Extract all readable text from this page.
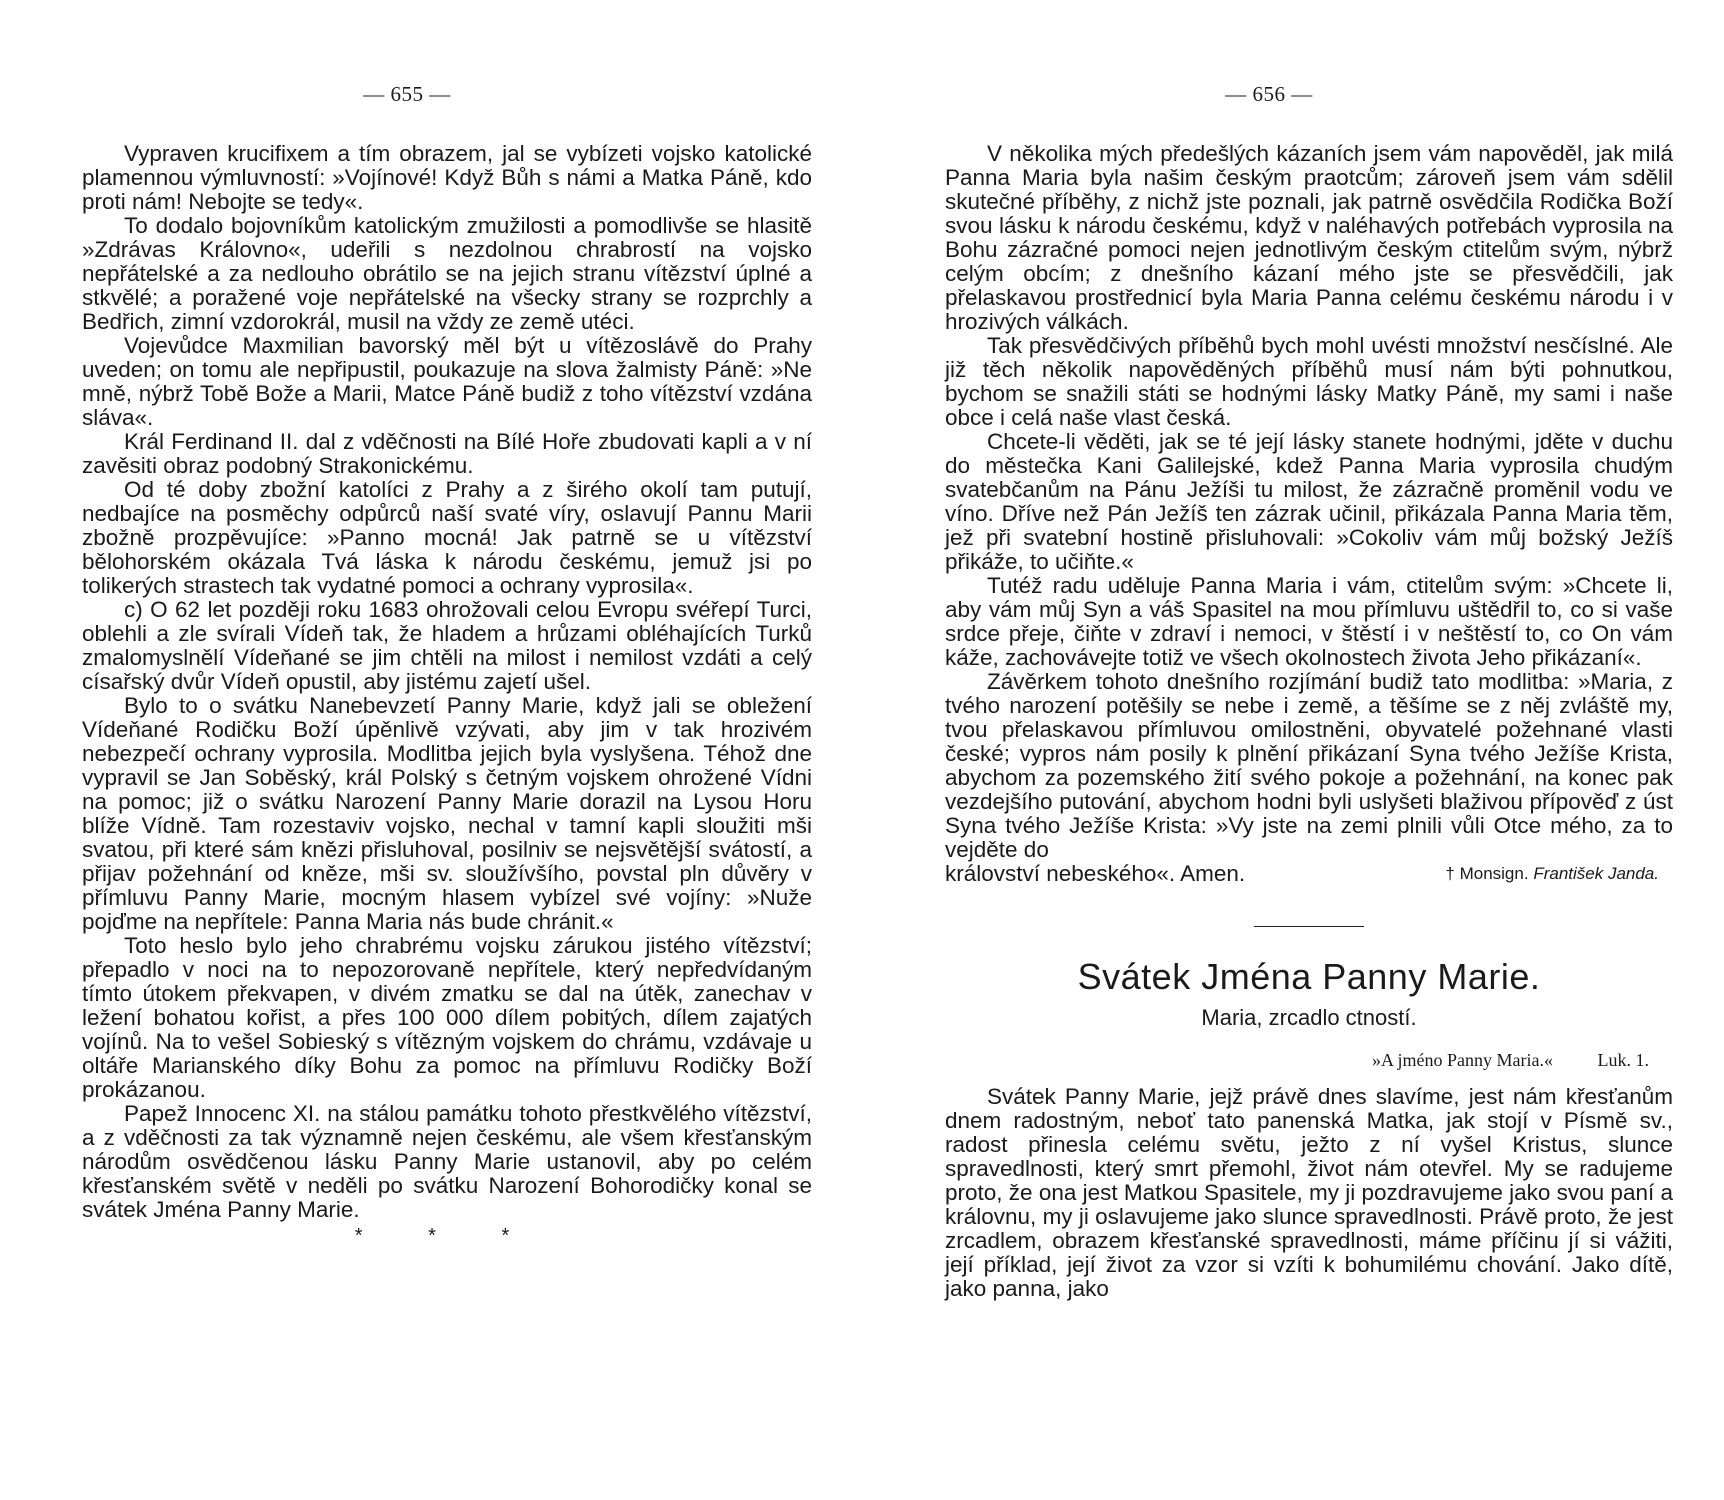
— 655 —

Vypraven krucifixem a tím obrazem, jal se vybízeti vojsko katolické plamennou výmluvností: »Vojínové! Když Bůh s námi a Matka Páně, kdo proti nám! Nebojte se tedy«.

To dodalo bojovníkům katolickým zmužilosti a pomodlivše se hlasitě »Zdrávas Královno«, udeřili s nezdolnou chrabrostí na vojsko nepřátelské a za nedlouho obrátilo se na jejich stranu vítězství úplné a stkvělé; a poražené voje nepřátelské na všecky strany se rozprchly a Bedřich, zimní vzdorokrál, musil na vždy ze země utéci.

Vojevůdce Maxmilian bavorský měl být u vítězoslávě do Prahy uveden; on tomu ale nepřipustil, poukazuje na slova žalmisty Páně: »Ne mně, nýbrž Tobě Bože a Marii, Matce Páně budiž z toho vítězství vzdána sláva«.

Král Ferdinand II. dal z vděčnosti na Bílé Hoře zbudovati kapli a v ní zavěsiti obraz podobný Strakonickému.

Od té doby zbožní katolíci z Prahy a z širého okolí tam putují, nedbajíce na posměchy odpůrců naší svaté víry, oslavují Pannu Marii zbožně prozpěvujíce: »Panno mocná! Jak patrně se u vítězství bělohorském okázala Tvá láska k národu českému, jemuž jsi po tolikerých strastech tak vydatné pomoci a ochrany vyprosila«.

c) O 62 let později roku 1683 ohrožovali celou Evropu svéřepí Turci, oblehli a zle svírali Vídeň tak, že hladem a hrůzami obléhajících Turků zmalomyslnělí Vídeňané se jim chtěli na milost i nemilost vzdáti a celý císařský dvůr Vídeň opustil, aby jistému zajetí ušel.

Bylo to o svátku Nanebevzetí Panny Marie, když jali se obležení Vídeňané Rodičku Boží úpěnlivě vzývati, aby jim v tak hrozivém nebezpečí ochrany vyprosila. Modlitba jejich byla vyslyšena. Téhož dne vypravil se Jan Soběský, král Polský s četným vojskem ohrožené Vídni na pomoc; již o svátku Narození Panny Marie dorazil na Lysou Horu blíže Vídně. Tam rozestaviv vojsko, nechal v tamní kapli sloužiti mši svatou, při které sám knězi přisluhoval, posilniv se nejsvětější svátostí, a přijav požehnání od kněze, mši sv. sloužívšího, povstal pln důvěry v přímluvu Panny Marie, mocným hlasem vybízel své vojíny: »Nuže pojďme na nepřítele: Panna Maria nás bude chránit.«

Toto heslo bylo jeho chrabrému vojsku zárukou jistého vítězství; přepadlo v noci na to nepozorovaně nepřítele, který nepředvídaným tímto útokem překvapen, v divém zmatku se dal na útěk, zanechav v ležení bohatou kořist, a přes 100 000 dílem pobitých, dílem zajatých vojínů. Na to vešel Sobieský s vítězným vojskem do chrámu, vzdávaje u oltáře Marianského díky Bohu za pomoc na přímluvu Rodičky Boží prokázanou.

Papež Innocenc XI. na stálou památku tohoto přestkvělého vítězství, a z vděčnosti za tak významně nejen českému, ale všem křesťanským národům osvědčenou lásku Panny Marie ustanovil, aby po celém křesťanském světě v neděli po svátku Narození Bohorodičky konal se svátek Jména Panny Marie.

* * *
— 656 —

V několika mých předešlých kázaních jsem vám napověděl, jak milá Panna Maria byla našim českým praotcům; zároveň jsem vám sdělil skutečné příběhy, z nichž jste poznali, jak patrně osvědčila Rodička Boží svou lásku k národu českému, když v naléhavých potřebách vyprosila na Bohu zázračné pomoci nejen jednotlivým českým ctitelům svým, nýbrž celým obcím; z dnešního kázaní mého jste se přesvědčili, jak přelaskavou prostřednicí byla Maria Panna celému českému národu i v hrozivých válkách.

Tak přesvědčivých příběhů bych mohl uvésti množství nesčíslné. Ale již těch několik napověděných příběhů musí nám býti pohnutkou, bychom se snažili státi se hodnými lásky Matky Páně, my sami i naše obce i celá naše vlast česká.

Chcete-li věděti, jak se té její lásky stanete hodnými, jděte v duchu do městečka Kani Galilejské, kdež Panna Maria vyprosila chudým svatebčanům na Pánu Ježíši tu milost, že zázračně proměnil vodu ve víno. Dříve než Pán Ježíš ten zázrak učinil, přikázala Panna Maria těm, jež při svatební hostině přisluhovali: »Cokoliv vám můj božský Ježíš přikáže, to učiňte.«

Tutéž radu uděluje Panna Maria i vám, ctitelům svým: »Chcete li, aby vám můj Syn a váš Spasitel na mou přímluvu uštědřil to, co si vaše srdce přeje, čiňte v zdraví i nemoci, v štěstí i v neštěstí to, co On vám káže, zachovávejte totiž ve všech okolnostech života Jeho přikázaní«.

Závěrkem tohoto dnešního rozjímání budiž tato modlitba: »Maria, z tvého narození potěšily se nebe i země, a těšíme se z něj zvláště my, tvou přelaskavou přímluvou omilostněni, obyvatelé požehnané vlasti české; vypros nám posily k plnění přikázaní Syna tvého Ježíše Krista, abychom za pozemského žití svého pokoje a požehnání, na konec pak vezdejšího putování, abychom hodni byli uslyšeti blaživou přípověď z úst Syna tvého Ježíše Krista: »Vy jste na zemi plnili vůli Otce mého, za to vejděte do

království nebeského«. Amen.	† Monsign. František Janda.
Svátek Jména Panny Marie.
Maria, zrcadlo ctností.
»A jméno Panny Maria.« Luk. 1.

Svátek Panny Marie, jejž právě dnes slavíme, jest nám křesťanům dnem radostným, neboť tato panenská Matka, jak stojí v Písmě sv., radost přinesla celému světu, ježto z ní vyšel Kristus, slunce spravedlnosti, který smrt přemohl, život nám otevřel. My se radujeme proto, že ona jest Matkou Spasitele, my ji pozdravujeme jako svou paní a královnu, my ji oslavujeme jako slunce spravedlnosti. Právě proto, že jest zrcadlem, obrazem křesťanské spravedlnosti, máme příčinu jí si vážiti, její příklad, její život za vzor si vzíti k bohumilému chování. Jako dítě, jako panna, jako
